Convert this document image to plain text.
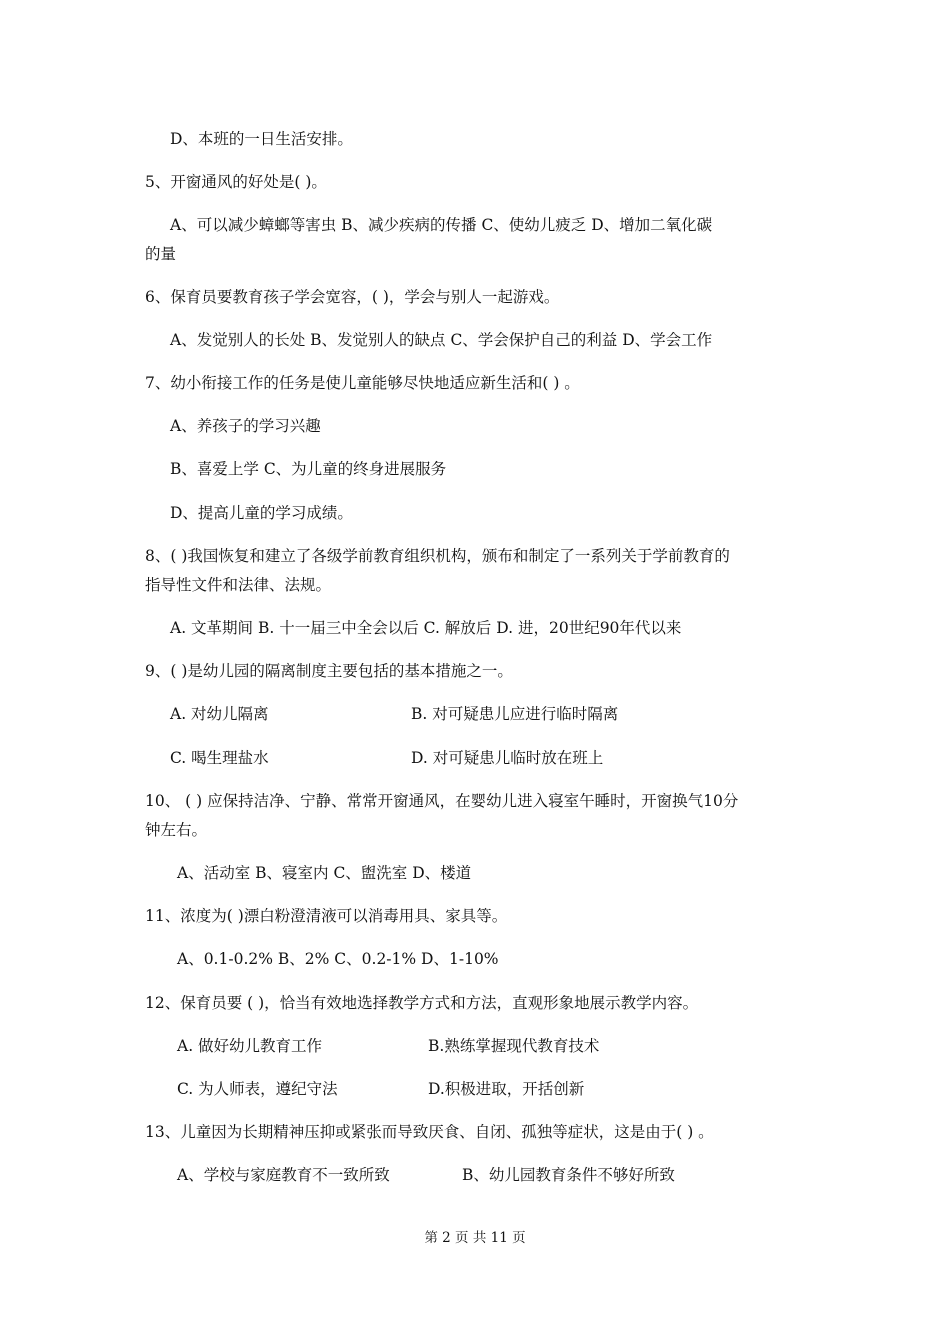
D、本班的一日生活安排。
5、开窗通风的好处是( )。
A、可以减少蟑螂等害虫 B、减少疾病的传播 C、使幼儿疲乏 D、增加二氧化碳
的量
6、保育员要教育孩子学会宽容，( )，学会与别人一起游戏。
A、发觉别人的长处 B、发觉别人的缺点 C、学会保护自己的利益 D、学会工作
7、幼小衔接工作的任务是使儿童能够尽快地适应新生活和( ) 。
A、养孩子的学习兴趣
B、喜爱上学 C、为儿童的终身进展服务
D、提高儿童的学习成绩。
8、( )我国恢复和建立了各级学前教育组织机构，颁布和制定了一系列关于学前教育的
指导性文件和法律、法规。
A. 文革期间 B. 十一届三中全会以后 C. 解放后 D. 进，20世纪90年代以来
9、( )是幼儿园的隔离制度主要包括的基本措施之一。
A. 对幼儿隔离	B. 对可疑患儿应进行临时隔离
C. 喝生理盐水	D. 对可疑患儿临时放在班上
10、 ( ) 应保持洁净、宁静、常常开窗通风，在婴幼儿进入寝室午睡时，开窗换气10分
钟左右。
A、活动室 B、寝室内 C、盥洗室 D、楼道
11、浓度为( )漂白粉澄清液可以消毒用具、家具等。
A、0.1-0.2% B、2% C、0.2-1% D、1-10%
12、保育员要 ( )，恰当有效地选择教学方式和方法，直观形象地展示教学内容。
A. 做好幼儿教育工作	B.熟练掌握现代教育技术
C. 为人师表，遵纪守法	D.积极进取，开括创新
13、儿童因为长期精神压抑或紧张而导致厌食、自闭、孤独等症状，这是由于( ) 。
A、学校与家庭教育不一致所致	B、幼儿园教育条件不够好所致
第 2 页 共 11 页
